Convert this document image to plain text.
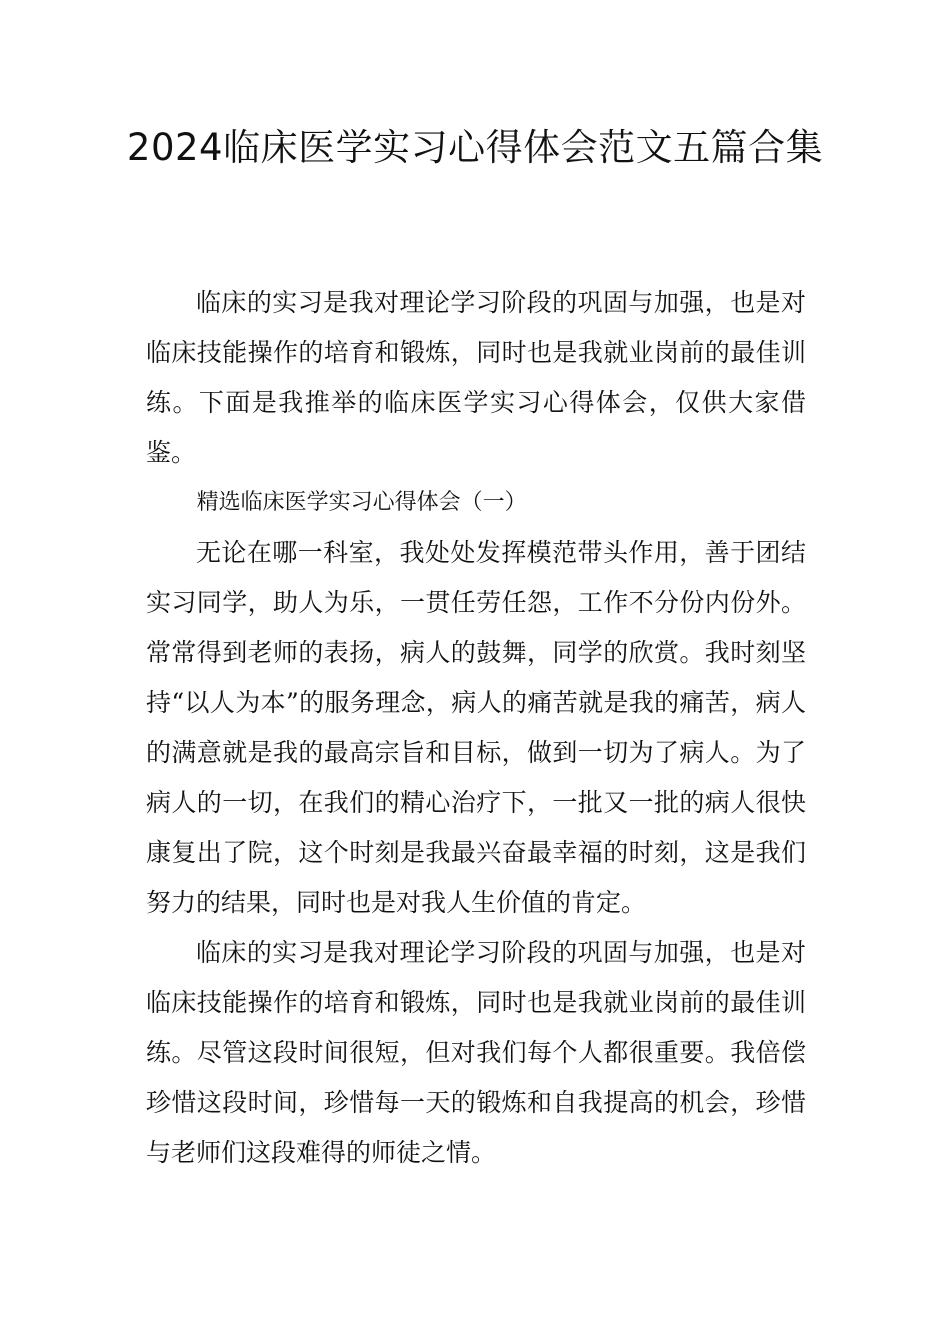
2024临床医学实习心得体会范文五篇合集

临床的实习是我对理论学习阶段的巩固与加强，也是对临床技能操作的培育和锻炼，同时也是我就业岗前的最佳训练。下面是我推举的临床医学实习心得体会，仅供大家借鉴。

精选临床医学实习心得体会（一）

无论在哪一科室，我处处发挥模范带头作用，善于团结实习同学，助人为乐，一贯任劳任怨，工作不分份内份外。常常得到老师的表扬，病人的鼓舞，同学的欣赏。我时刻坚持“以人为本”的服务理念，病人的痛苦就是我的痛苦，病人的满意就是我的最高宗旨和目标，做到一切为了病人。为了病人的一切，在我们的精心治疗下，一批又一批的病人很快康复出了院，这个时刻是我最兴奋最幸福的时刻，这是我们努力的结果，同时也是对我人生价值的肯定。

临床的实习是我对理论学习阶段的巩固与加强，也是对临床技能操作的培育和锻炼，同时也是我就业岗前的最佳训练。尽管这段时间很短，但对我们每个人都很重要。我倍偿珍惜这段时间，珍惜每一天的锻炼和自我提高的机会，珍惜与老师们这段难得的师徒之情。
